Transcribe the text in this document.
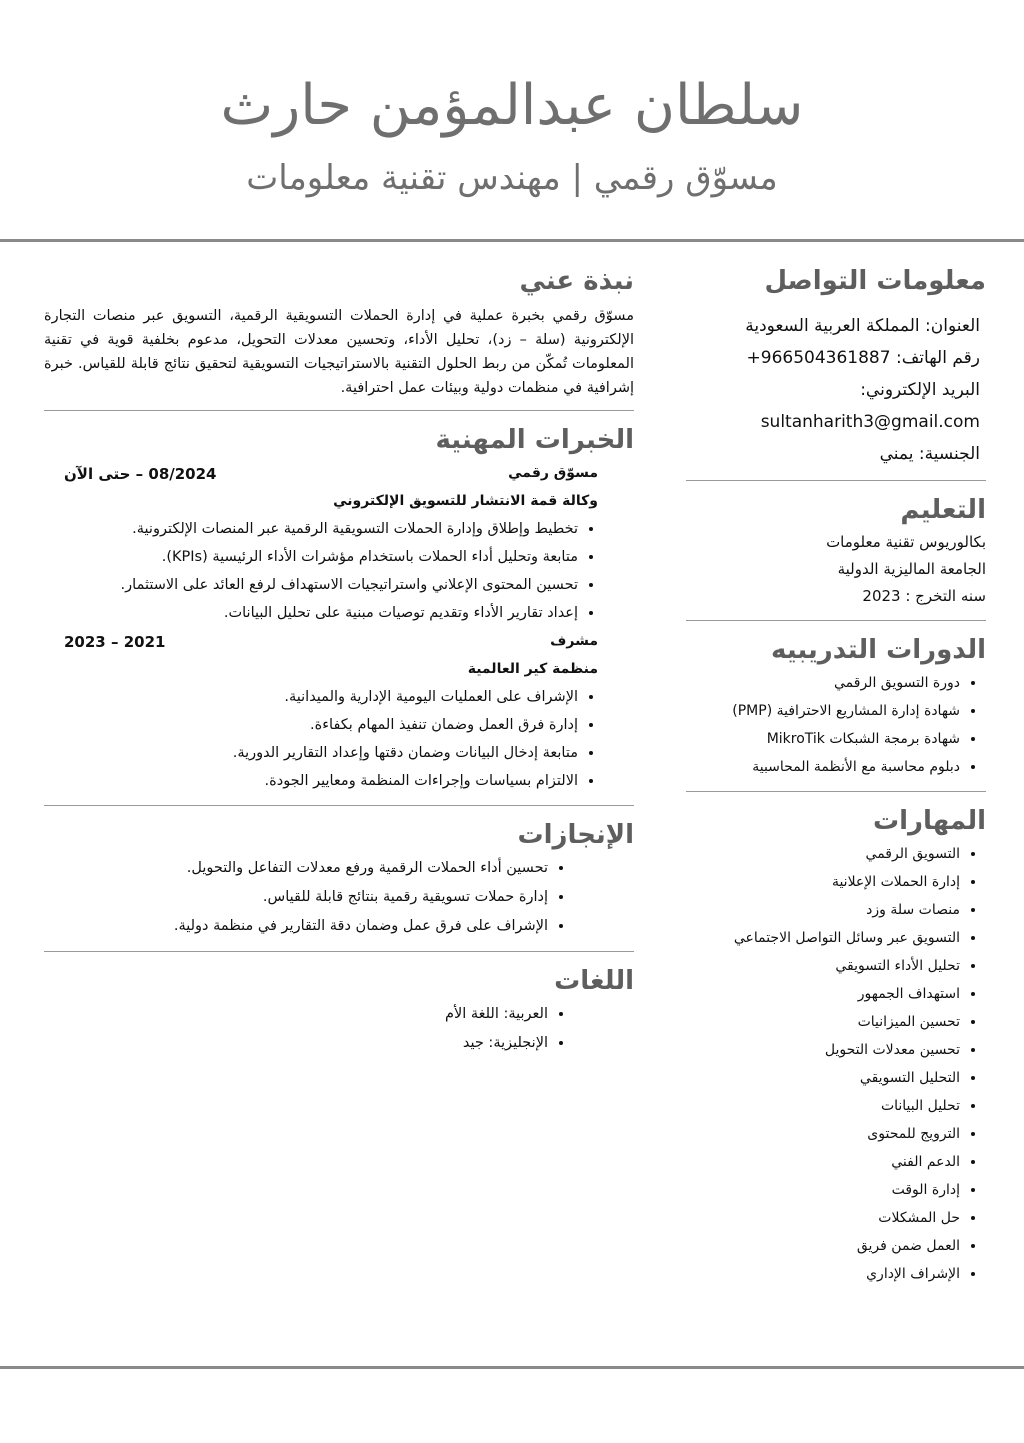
سلطان عبدالمؤمن حارث
مسوّق رقمي | مهندس تقنية معلومات
معلومات التواصل

العنوان: المملكة العربية السعودية

رقم الهاتف: 966504361887+

البريد الإلكتروني:

sultanharith3@gmail.com

الجنسية: يمني

التعليم

بكالوريوس تقنية معلومات

الجامعة الماليزية الدولية

سنه التخرج : 2023

الدورات التدريبيه
• دورة التسويق الرقمي
• شهادة إدارة المشاريع الاحترافية (PMP)
• شهادة برمجة الشبكات MikroTik
• دبلوم محاسبة مع الأنظمة المحاسبية
المهارات
• التسويق الرقمي
• إدارة الحملات الإعلانية
• منصات سلة وزد
• التسويق عبر وسائل التواصل الاجتماعي
• تحليل الأداء التسويقي
• استهداف الجمهور
• تحسين الميزانيات
• تحسين معدلات التحويل
• التحليل التسويقي
• تحليل البيانات
• الترويج للمحتوى
• الدعم الفني
• إدارة الوقت
• حل المشكلات
• العمل ضمن فريق
• الإشراف الإداري
نبذة عني

مسوّق رقمي بخبرة عملية في إدارة الحملات التسويقية الرقمية، التسويق عبر منصات التجارة الإلكترونية (سلة – زد)، تحليل الأداء، وتحسين معدلات التحويل، مدعوم بخلفية قوية في تقنية المعلومات تُمكّن من ربط الحلول التقنية بالاستراتيجيات التسويقية لتحقيق نتائج قابلة للقياس. خبرة إشرافية في منظمات دولية وبيئات عمل احترافية.

الخبرات المهنية
مسوّق رقمي
08/2024 – حتى الآن
وكالة قمة الانتشار للتسويق الإلكتروني
• تخطيط وإطلاق وإدارة الحملات التسويقية الرقمية عبر المنصات الإلكترونية.
• متابعة وتحليل أداء الحملات باستخدام مؤشرات الأداء الرئيسية (KPIs).
• تحسين المحتوى الإعلاني واستراتيجيات الاستهداف لرفع العائد على الاستثمار.
• إعداد تقارير الأداء وتقديم توصيات مبنية على تحليل البيانات.
مشرف
2021 – 2023
منظمة كير العالمية
• الإشراف على العمليات اليومية الإدارية والميدانية.
• إدارة فرق العمل وضمان تنفيذ المهام بكفاءة.
• متابعة إدخال البيانات وضمان دقتها وإعداد التقارير الدورية.
• الالتزام بسياسات وإجراءات المنظمة ومعايير الجودة.
الإنجازات
• تحسين أداء الحملات الرقمية ورفع معدلات التفاعل والتحويل.
• إدارة حملات تسويقية رقمية بنتائج قابلة للقياس.
• الإشراف على فرق عمل وضمان دقة التقارير في منظمة دولية.
اللغات
• العربية: اللغة الأم
• الإنجليزية: جيد
